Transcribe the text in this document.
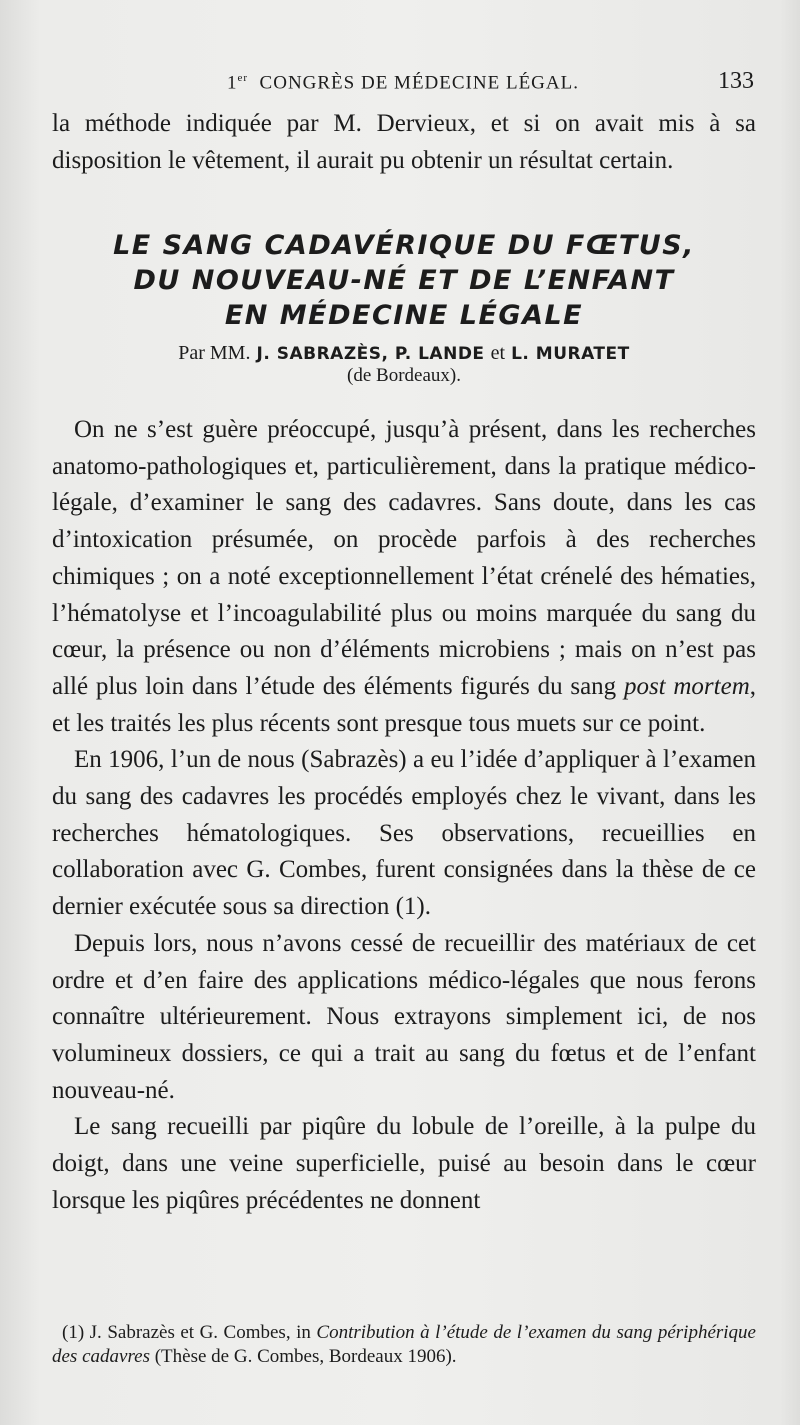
1er CONGRÈS DE MÉDECINE LÉGAL.	133

la méthode indiquée par M. Dervieux, et si on avait mis à sa disposition le vêtement, il aurait pu obtenir un résultat certain.

LE SANG CADAVÉRIQUE DU FŒTUS,
DU NOUVEAU-NÉ ET DE L’ENFANT
EN MÉDECINE LÉGALE
Par MM. J. SABRAZÈS, P. LANDE et L. MURATET
(de Bordeaux).

On ne s’est guère préoccupé, jusqu’à présent, dans les recherches anatomo-pathologiques et, particulièrement, dans la pratique médico-légale, d’examiner le sang des cadavres. Sans doute, dans les cas d’intoxication présumée, on procède parfois à des recherches chimiques ; on a noté exceptionnellement l’état crénelé des hématies, l’hématolyse et l’incoagulabilité plus ou moins marquée du sang du cœur, la présence ou non d’éléments microbiens ; mais on n’est pas allé plus loin dans l’étude des éléments figurés du sang post mortem, et les traités les plus récents sont presque tous muets sur ce point.

En 1906, l’un de nous (Sabrazès) a eu l’idée d’appliquer à l’examen du sang des cadavres les procédés employés chez le vivant, dans les recherches hématologiques. Ses observations, recueillies en collaboration avec G. Combes, furent consignées dans la thèse de ce dernier exécutée sous sa direction (1).

Depuis lors, nous n’avons cessé de recueillir des matériaux de cet ordre et d’en faire des applications médico-légales que nous ferons connaître ultérieurement. Nous extrayons simplement ici, de nos volumineux dossiers, ce qui a trait au sang du fœtus et de l’enfant nouveau-né.

Le sang recueilli par piqûre du lobule de l’oreille, à la pulpe du doigt, dans une veine superficielle, puisé au besoin dans le cœur lorsque les piqûres précédentes ne donnent

(1) J. Sabrazès et G. Combes, in Contribution à l’étude de l’examen du sang périphérique des cadavres (Thèse de G. Combes, Bordeaux 1906).
